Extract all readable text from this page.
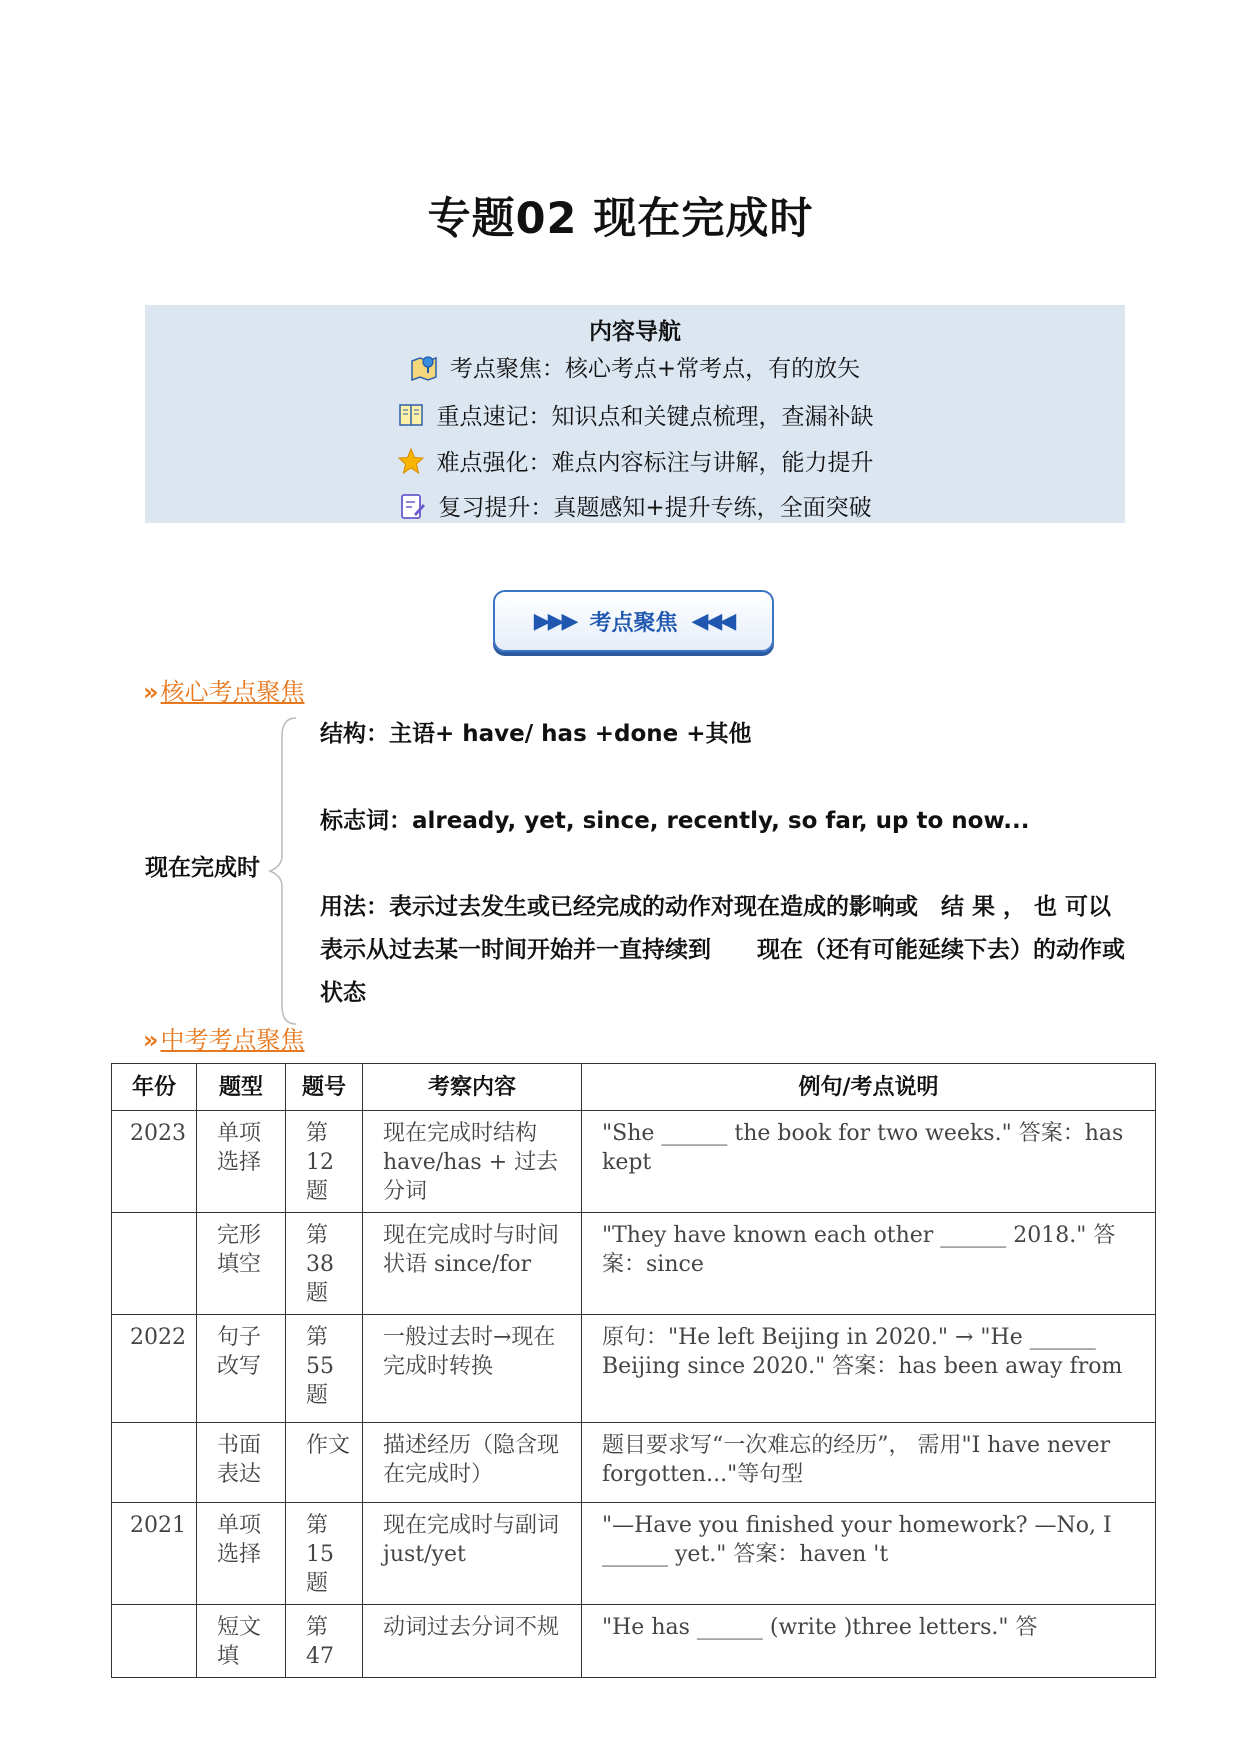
专题02 现在完成时
内容导航
考点聚焦：核心考点+常考点，有的放矢
重点速记：知识点和关键点梳理，查漏补缺
难点强化：难点内容标注与讲解，能力提升
复习提升：真题感知+提升专练，全面突破
▶▶▶ 考点聚焦 ◀◀◀
»核心考点聚焦
现在完成时
结构：主语+ have/ has +done +其他
标志词：already, yet, since, recently, so far, up to now...
用法：表示过去发生或已经完成的动作对现在造成的影响或　结 果 ， 也 可以表示从过去某一时间开始并一直持续到　　现在（还有可能延续下去）的动作或状态
»中考考点聚焦
年份	题型	题号	考察内容	例句/考点说明
2023	单项选择	第 12 题	现在完成时结构 have/has + 过去分词	"She ______ the book for two weeks." 答案：has kept
	完形填空	第 38 题	现在完成时与时间状语 since/for	"They have known each other ______ 2018." 答案：since
2022	句子改写	第 55 题	一般过去时→现在完成时转换	原句："He left Beijing in 2020." → "He ______ Beijing since 2020." 答案：has been away from
	书面表达	作文	描述经历（隐含现在完成时）	题目要求写“一次难忘的经历”， 需用"I have never forgotten..."等句型
2021	单项选择	第 15 题	现在完成时与副词 just/yet	"—Have you finished your homework? —No, I ______ yet." 答案：haven 't
	短文填	第 47	动词过去分词不规	"He has ______ (write )three letters." 答
